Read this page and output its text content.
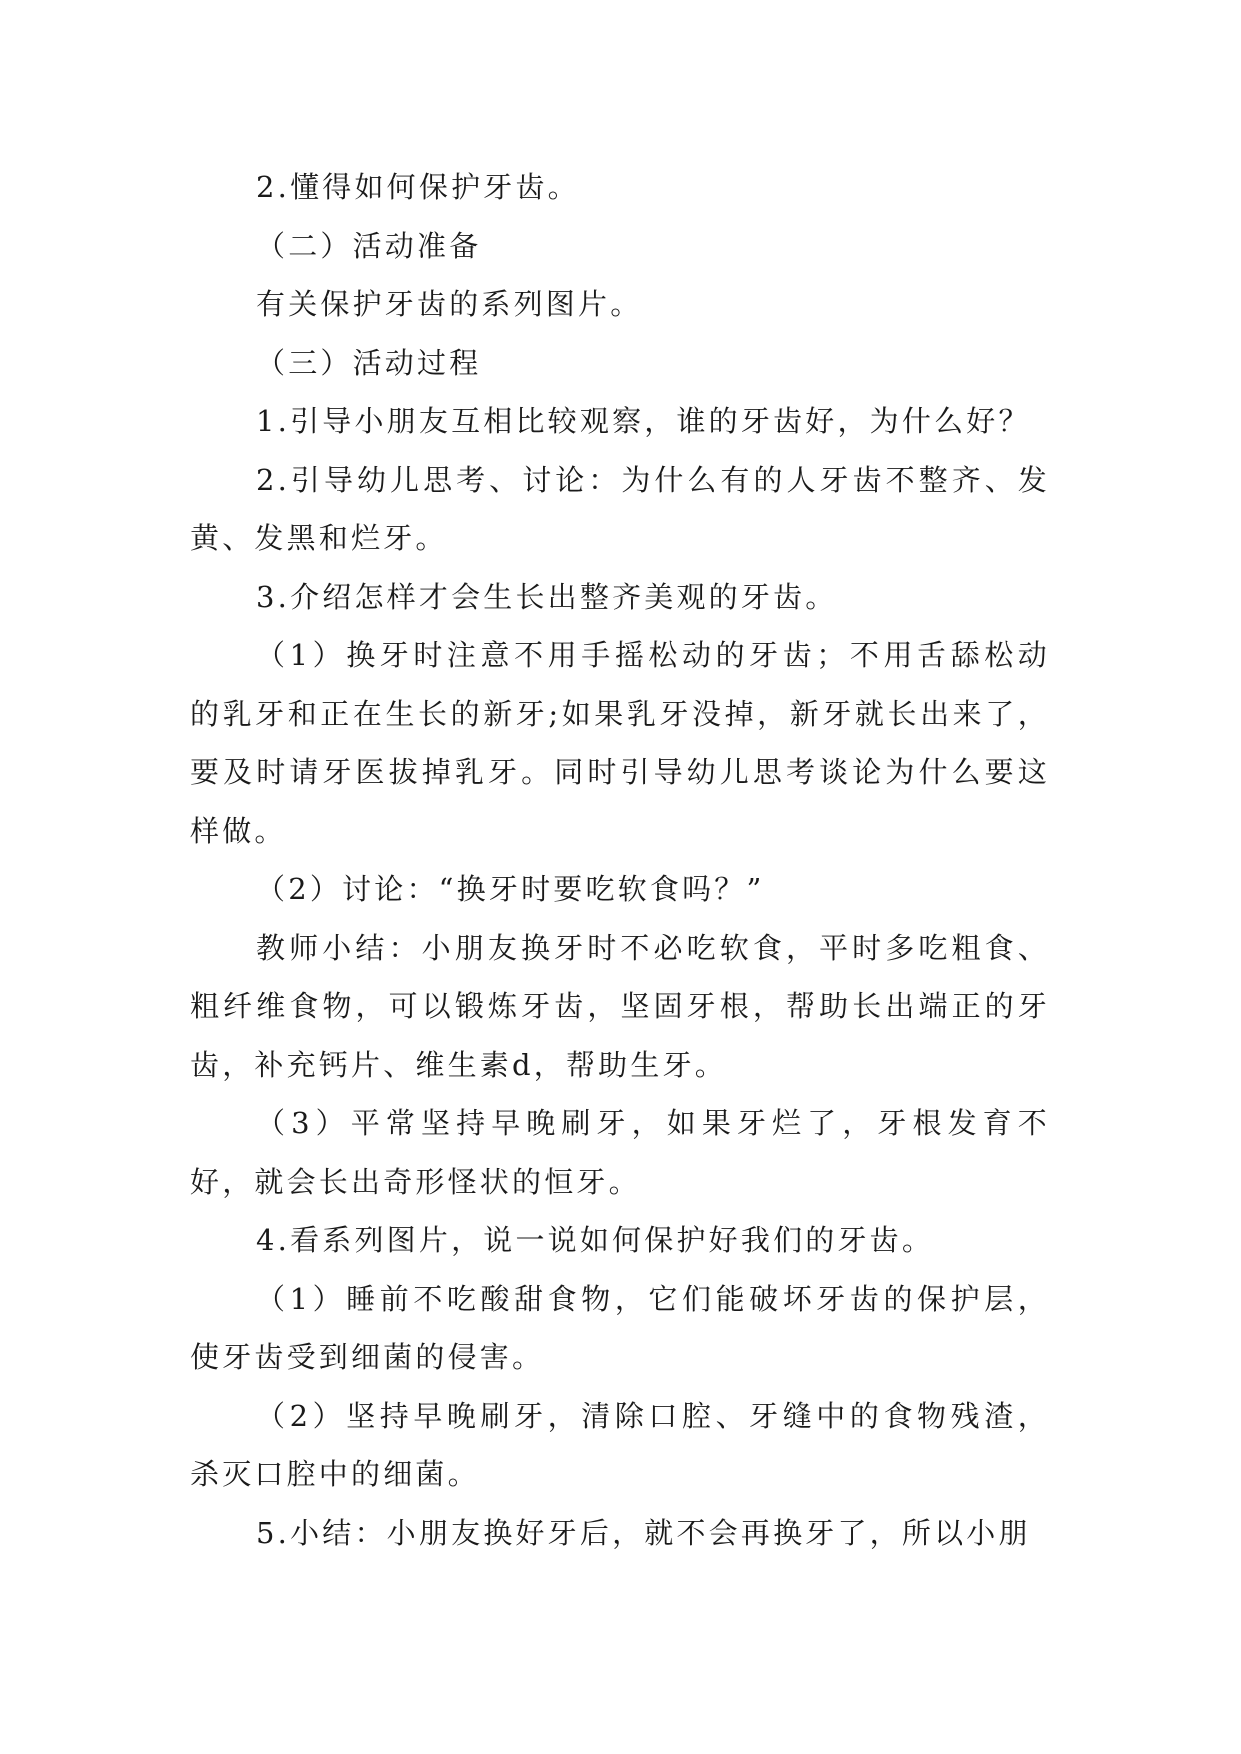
2.懂得如何保护牙齿。

（二）活动准备

有关保护牙齿的系列图片。

（三）活动过程

1.引导小朋友互相比较观察，谁的牙齿好，为什么好？

2.引导幼儿思考、讨论：为什么有的人牙齿不整齐、发黄、发黑和烂牙。

3.介绍怎样才会生长出整齐美观的牙齿。

（1）换牙时注意不用手摇松动的牙齿；不用舌舔松动的乳牙和正在生长的新牙;如果乳牙没掉，新牙就长出来了，要及时请牙医拔掉乳牙。同时引导幼儿思考谈论为什么要这样做。

（2）讨论：“换牙时要吃软食吗？”

教师小结：小朋友换牙时不必吃软食，平时多吃粗食、粗纤维食物，可以锻炼牙齿，坚固牙根，帮助长出端正的牙齿，补充钙片、维生素d，帮助生牙。

（3）平常坚持早晚刷牙，如果牙烂了，牙根发育不好，就会长出奇形怪状的恒牙。

4.看系列图片，说一说如何保护好我们的牙齿。

（1）睡前不吃酸甜食物，它们能破坏牙齿的保护层，使牙齿受到细菌的侵害。

（2）坚持早晚刷牙，清除口腔、牙缝中的食物残渣，杀灭口腔中的细菌。

5.小结：小朋友换好牙后，就不会再换牙了，所以小朋
